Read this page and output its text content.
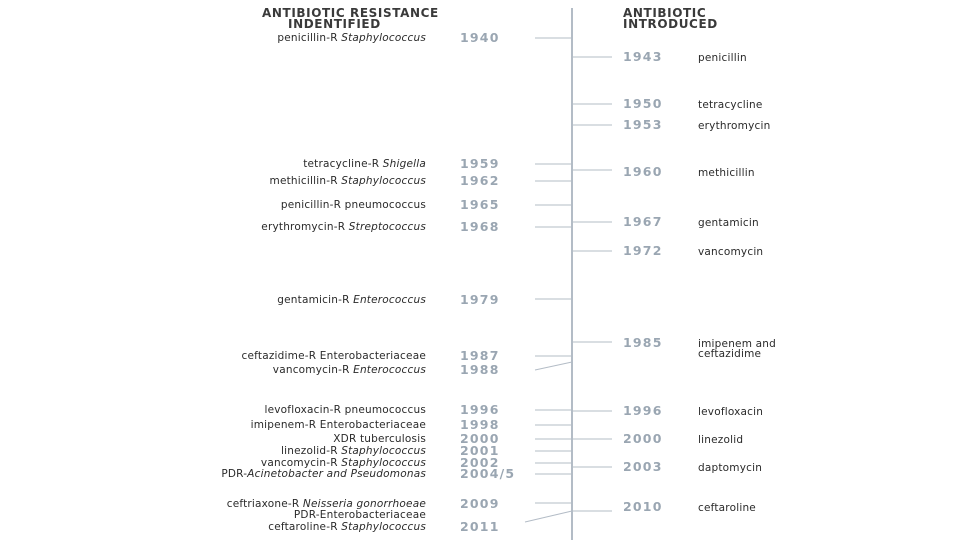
ANTIBIOTIC RESISTANCE
INDENTIFIED
ANTIBIOTIC
INTRODUCED
penicillin-R Staphylococcus	1940
tetracycline-R Shigella	1959
methicillin-R Staphylococcus	1962
penicillin-R pneumococcus	1965
erythromycin-R Streptococcus	1968
gentamicin-R Enterococcus	1979
ceftazidime-R Enterobacteriaceae	1987
vancomycin-R Enterococcus	1988
levofloxacin-R pneumococcus	1996
imipenem-R Enterobacteriaceae	1998
XDR tuberculosis	2000
linezolid-R Staphylococcus	2001
vancomycin-R Staphylococcus	2002
PDR-Acinetobacter and Pseudomonas	2004/5
ceftriaxone-R Neisseria gonorrhoeae	2009
PDR-Enterobacteriaceae
ceftaroline-R Staphylococcus	2011
1943	penicillin
1950	tetracycline
1953	erythromycin
1960	methicillin
1967	gentamicin
1972	vancomycin
1985	imipenem and
ceftazidime
1996	levofloxacin
2000	linezolid
2003	daptomycin
2010	ceftaroline
